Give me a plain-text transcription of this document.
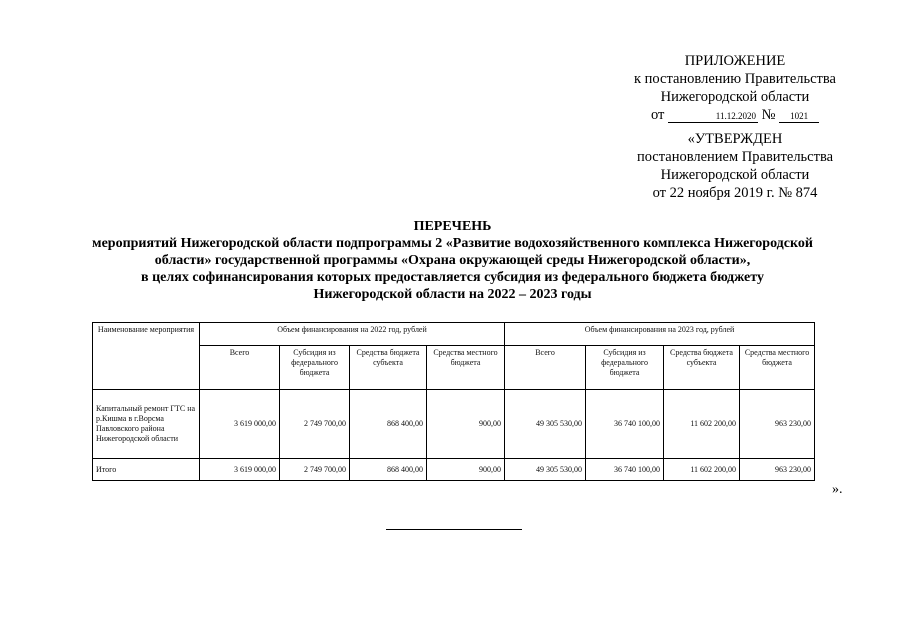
ПРИЛОЖЕНИЕ
к постановлению Правительства
Нижегородской области
от	11.12.2020 № 1021
«УТВЕРЖДЕН
постановлением Правительства
Нижегородской области
от 22 ноября 2019 г. № 874
ПЕРЕЧЕНЬ
мероприятий Нижегородской области подпрограммы 2 «Развитие водохозяйственного комплекса Нижегородской
области» государственной программы «Охрана окружающей среды Нижегородской области»,
в целях софинансирования которых предоставляется субсидия из федерального бюджета бюджету
Нижегородской области на 2022 – 2023 годы
Наименование мероприятия	Объем финансирования на 2022 год, рублей				Объем финансирования на 2023 год, рублей			
	Всего	Субсидия из федерального бюджета	Средства бюджета субъекта	Средства местного бюджета	Всего	Субсидия из федерального бюджета	Средства бюджета субъекта	Средства местного бюджета
Капитальный ремонт ГТС на р.Кишма в г.Ворсма Павловского района Нижегородской области	3 619 000,00	2 749 700,00	868 400,00	900,00	49 305 530,00	36 740 100,00	11 602 200,00	963 230,00
Итого	3 619 000,00	2 749 700,00	868 400,00	900,00	49 305 530,00	36 740 100,00	11 602 200,00	963 230,00
».
